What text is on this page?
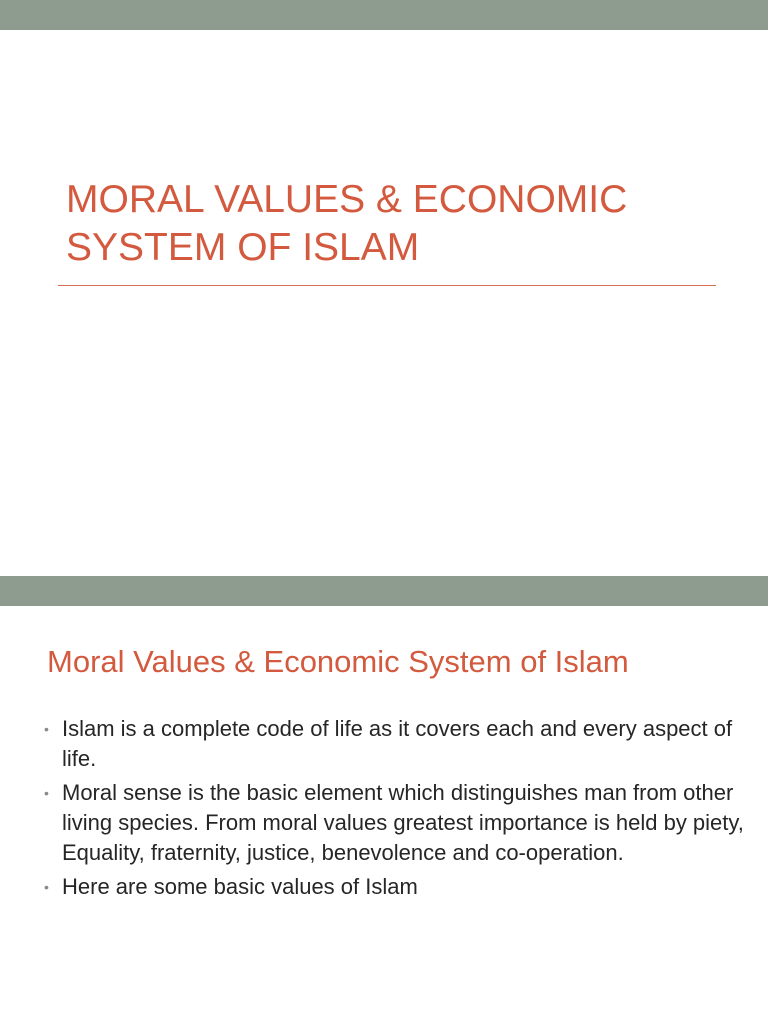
MORAL VALUES & ECONOMIC
SYSTEM OF ISLAM
Moral Values & Economic System of Islam
• Islam is a complete code of life as it covers each and every aspect of life.
• Moral sense is the basic element which distinguishes man from other living species. From moral values greatest importance is held by piety, Equality, fraternity, justice, benevolence and co-operation.
• Here are some basic values of Islam
